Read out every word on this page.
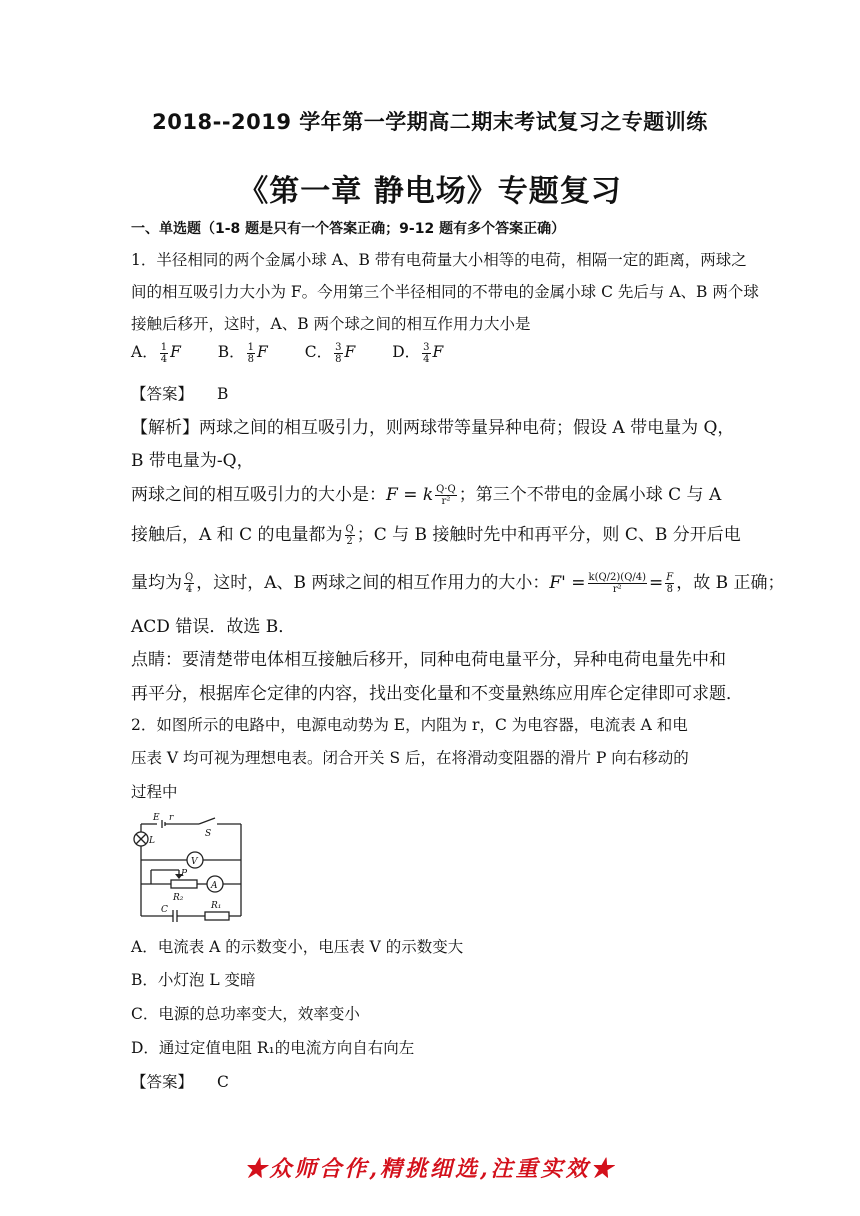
2018--2019 学年第一学期高二期末考试复习之专题训练
《第一章 静电场》专题复习
一、单选题（1-8 题是只有一个答案正确；9-12 题有多个答案正确）
1．半径相同的两个金属小球 A、B 带有电荷量大小相等的电荷，相隔一定的距离，两球之
间的相互吸引力大小为 F。今用第三个半径相同的不带电的金属小球 C 先后与 A、B 两个球
接触后移开，这时，A、B 两个球之间的相互作用力大小是
A． $\frac{1}{4}$ F B． $\frac{1}{8}$ F C． $\frac{3}{8}$ F D． $\frac{3}{4}$ F
【答案】 B
【解析】两球之间的相互吸引力，则两球带等量异种电荷；假设 A 带电量为 Q，
B 带电量为-Q，
两球之间的相互吸引力的大小是：F = k $\frac{Q\cdot Q}{\text{r²}}$ ；第三个不带电的金属小球 C 与 A
接触后，A 和 C 的电量都为 $\frac{Q}{2}$ ；C 与 B 接触时先中和再平分，则 C、B 分开后电
量均为 $\frac{Q}{4}$ ，这时，A、B 两球之间的相互作用力的大小：$F' = \frac{k(Q/2)(Q/4)}{\text{r²}} = \frac{F}{8}$ ，故 B 正确；
ACD 错误．故选 B．
点睛：要清楚带电体相互接触后移开，同种电荷电量平分，异种电荷电量先中和
再平分，根据库仑定律的内容，找出变化量和不变量熟练应用库仑定律即可求题．
2．如图所示的电路中，电源电动势为 E，内阻为 r，C 为电容器，电流表 A 和电
压表 V 均可视为理想电表。闭合开关 S 后，在将滑动变阻器的滑片 P 向右移动的
过程中
E r
S
L
V
P
A
R₂
C	R₁
A．电流表 A 的示数变小，电压表 V 的示数变大
B．小灯泡 L 变暗
C．电源的总功率变大，效率变小
D．通过定值电阻 R₁的电流方向自右向左
【答案】 C
★众师合作,精挑细选,注重实效★
